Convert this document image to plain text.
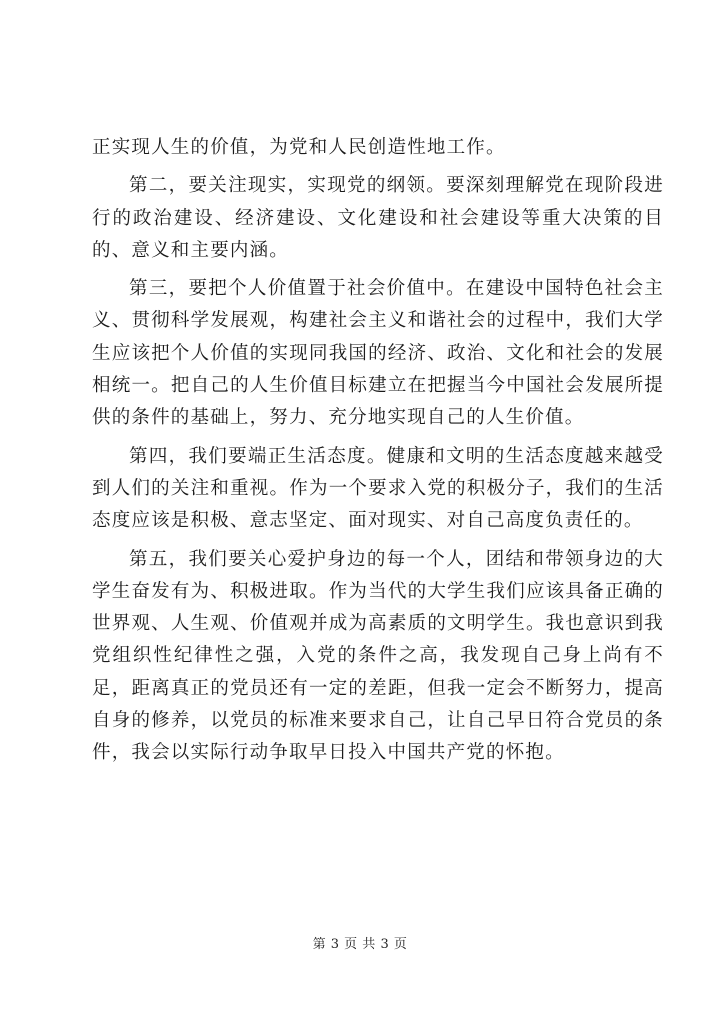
正实现人生的价值，为党和人民创造性地工作。

第二，要关注现实，实现党的纲领。要深刻理解党在现阶段进行的政治建设、经济建设、文化建设和社会建设等重大决策的目的、意义和主要内涵。

第三，要把个人价值置于社会价值中。在建设中国特色社会主义、贯彻科学发展观，构建社会主义和谐社会的过程中，我们大学生应该把个人价值的实现同我国的经济、政治、文化和社会的发展相统一。把自己的人生价值目标建立在把握当今中国社会发展所提供的条件的基础上，努力、充分地实现自己的人生价值。

第四，我们要端正生活态度。健康和文明的生活态度越来越受到人们的关注和重视。作为一个要求入党的积极分子，我们的生活态度应该是积极、意志坚定、面对现实、对自己高度负责任的。

第五，我们要关心爱护身边的每一个人，团结和带领身边的大学生奋发有为、积极进取。作为当代的大学生我们应该具备正确的世界观、人生观、价值观并成为高素质的文明学生。我也意识到我党组织性纪律性之强，入党的条件之高，我发现自己身上尚有不足，距离真正的党员还有一定的差距，但我一定会不断努力，提高自身的修养，以党员的标准来要求自己，让自己早日符合党员的条件，我会以实际行动争取早日投入中国共产党的怀抱。

第 3 页 共 3 页
